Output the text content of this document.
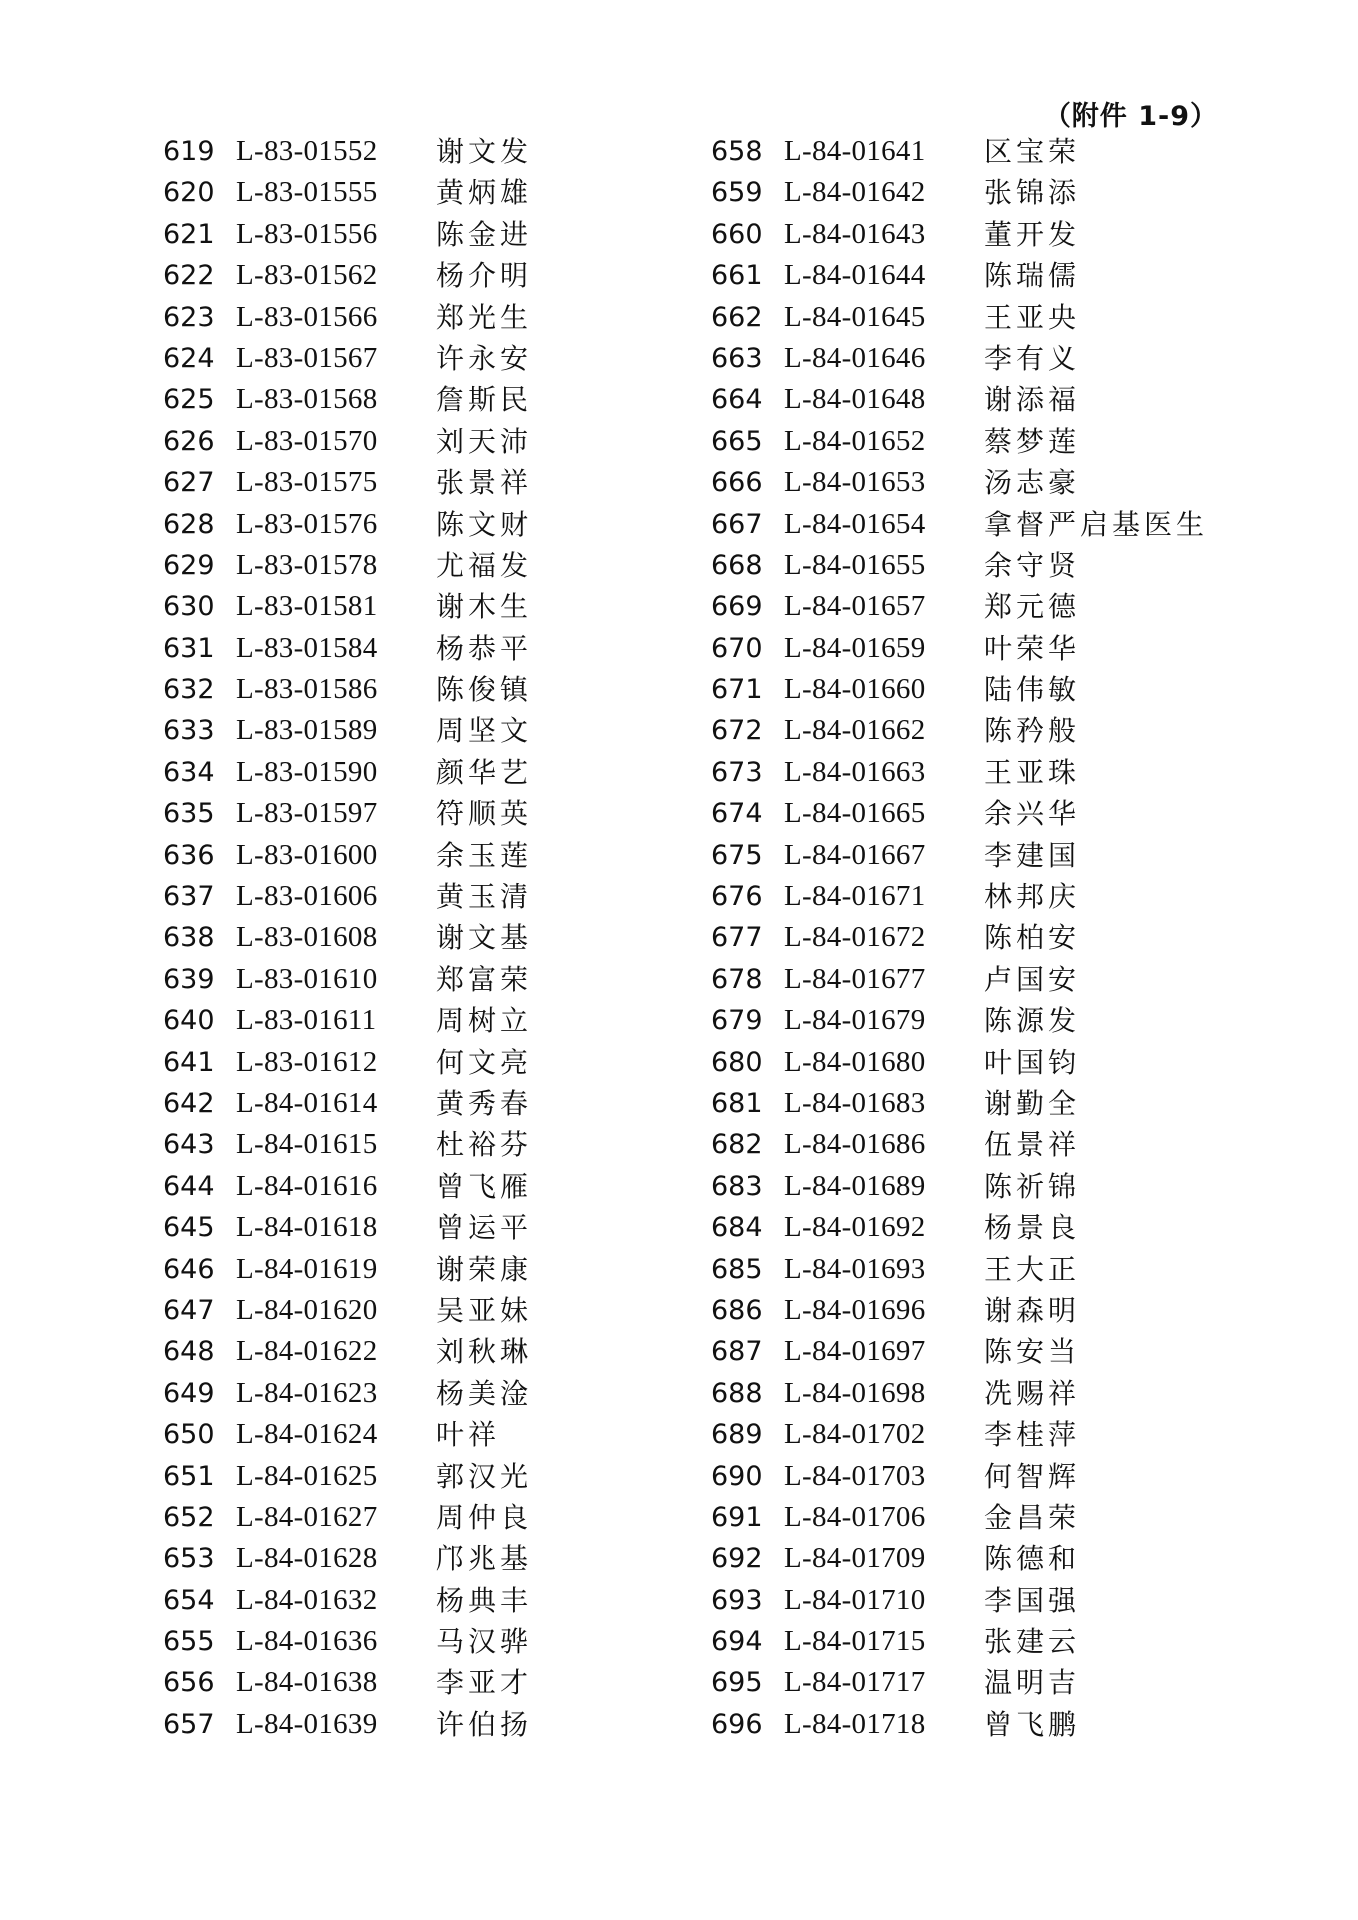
（附件 1-9）
619 L-83-01552	谢文发
620 L-83-01555	黄炳雄
621 L-83-01556	陈金进
622 L-83-01562	杨介明
623 L-83-01566	郑光生
624 L-83-01567	许永安
625 L-83-01568	詹斯民
626 L-83-01570	刘天沛
627 L-83-01575	张景祥
628 L-83-01576	陈文财
629 L-83-01578	尤福发
630 L-83-01581	谢木生
631 L-83-01584	杨恭平
632 L-83-01586	陈俊镇
633 L-83-01589	周坚文
634 L-83-01590	颜华艺
635 L-83-01597	符顺英
636 L-83-01600	余玉莲
637 L-83-01606	黄玉清
638 L-83-01608	谢文基
639 L-83-01610	郑富荣
640 L-83-01611	周树立
641 L-83-01612	何文亮
642 L-84-01614	黄秀春
643 L-84-01615	杜裕芬
644 L-84-01616	曾飞雁
645 L-84-01618	曾运平
646 L-84-01619	谢荣康
647 L-84-01620	吴亚妹
648 L-84-01622	刘秋琳
649 L-84-01623	杨美淦
650 L-84-01624	叶祥
651 L-84-01625	郭汉光
652 L-84-01627	周仲良
653 L-84-01628	邝兆基
654 L-84-01632	杨典丰
655 L-84-01636	马汉骅
656 L-84-01638	李亚才
657 L-84-01639	许伯扬
658 L-84-01641	区宝荣
659 L-84-01642	张锦添
660 L-84-01643	董开发
661 L-84-01644	陈瑞儒
662 L-84-01645	王亚央
663 L-84-01646	李有义
664 L-84-01648	谢添福
665 L-84-01652	蔡梦莲
666 L-84-01653	汤志豪
667 L-84-01654	拿督严启基医生
668 L-84-01655	余守贤
669 L-84-01657	郑元德
670 L-84-01659	叶荣华
671 L-84-01660	陆伟敏
672 L-84-01662	陈矜般
673 L-84-01663	王亚珠
674 L-84-01665	余兴华
675 L-84-01667	李建国
676 L-84-01671	林邦庆
677 L-84-01672	陈柏安
678 L-84-01677	卢国安
679 L-84-01679	陈源发
680 L-84-01680	叶国钧
681 L-84-01683	谢勤全
682 L-84-01686	伍景祥
683 L-84-01689	陈祈锦
684 L-84-01692	杨景良
685 L-84-01693	王大正
686 L-84-01696	谢森明
687 L-84-01697	陈安当
688 L-84-01698	冼赐祥
689 L-84-01702	李桂萍
690 L-84-01703	何智辉
691 L-84-01706	金昌荣
692 L-84-01709	陈德和
693 L-84-01710	李国强
694 L-84-01715	张建云
695 L-84-01717	温明吉
696 L-84-01718	曾飞鹏
